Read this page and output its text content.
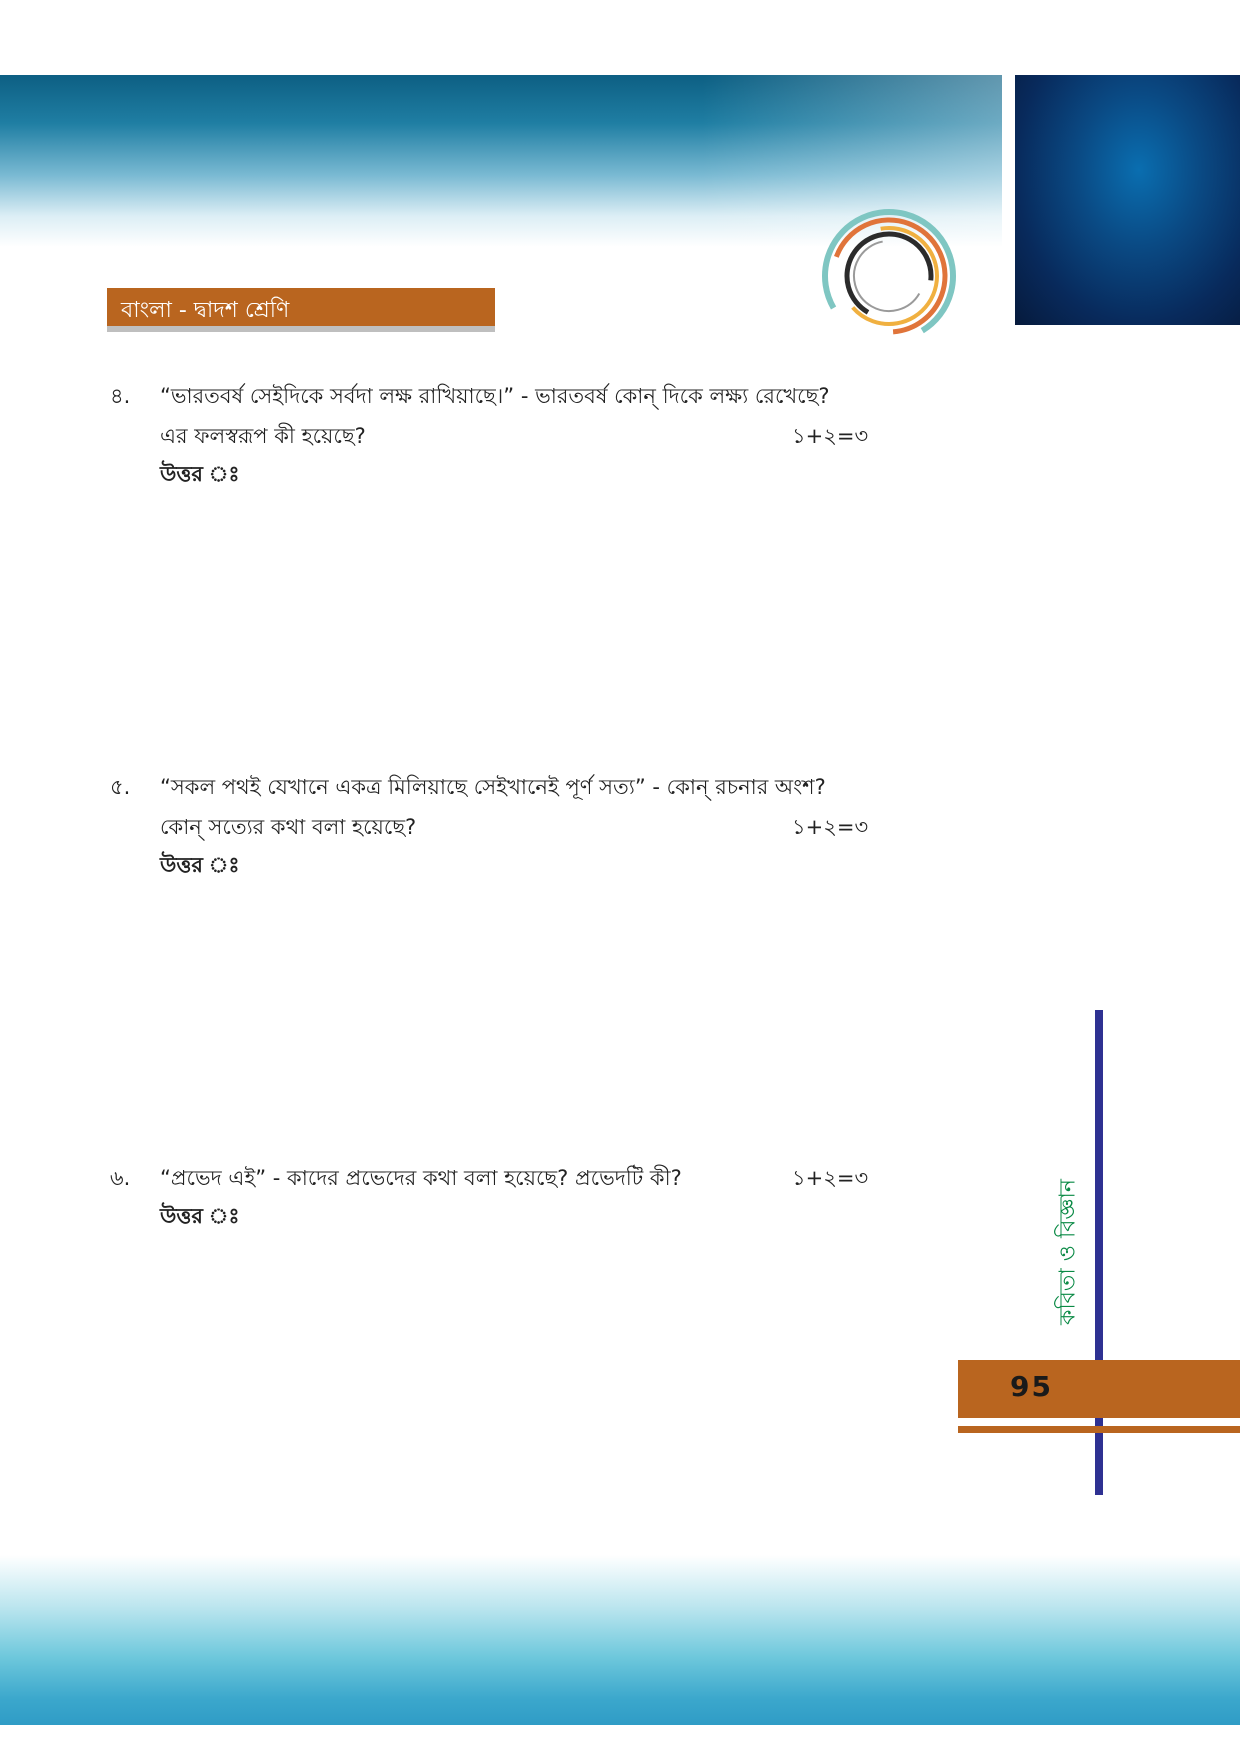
বাংলা - দ্বাদশ শ্রেণি
৪.	“ভারতবর্ষ সেইদিকে সর্বদা লক্ষ রাখিয়াছে।” - ভারতবর্ষ কোন্ দিকে লক্ষ্য রেখেছে?
এর ফলস্বরূপ কী হয়েছে?	১+২=৩
উত্তর ঃ
৫.	“সকল পথই যেখানে একত্র মিলিয়াছে সেইখানেই পূর্ণ সত্য” - কোন্ রচনার অংশ?
কোন্ সত্যের কথা বলা হয়েছে?	১+২=৩
উত্তর ঃ
৬.	“প্রভেদ এই” - কাদের প্রভেদের কথা বলা হয়েছে? প্রভেদটি কী?	১+২=৩
উত্তর ঃ	কবিতা ও বিজ্ঞান
95
